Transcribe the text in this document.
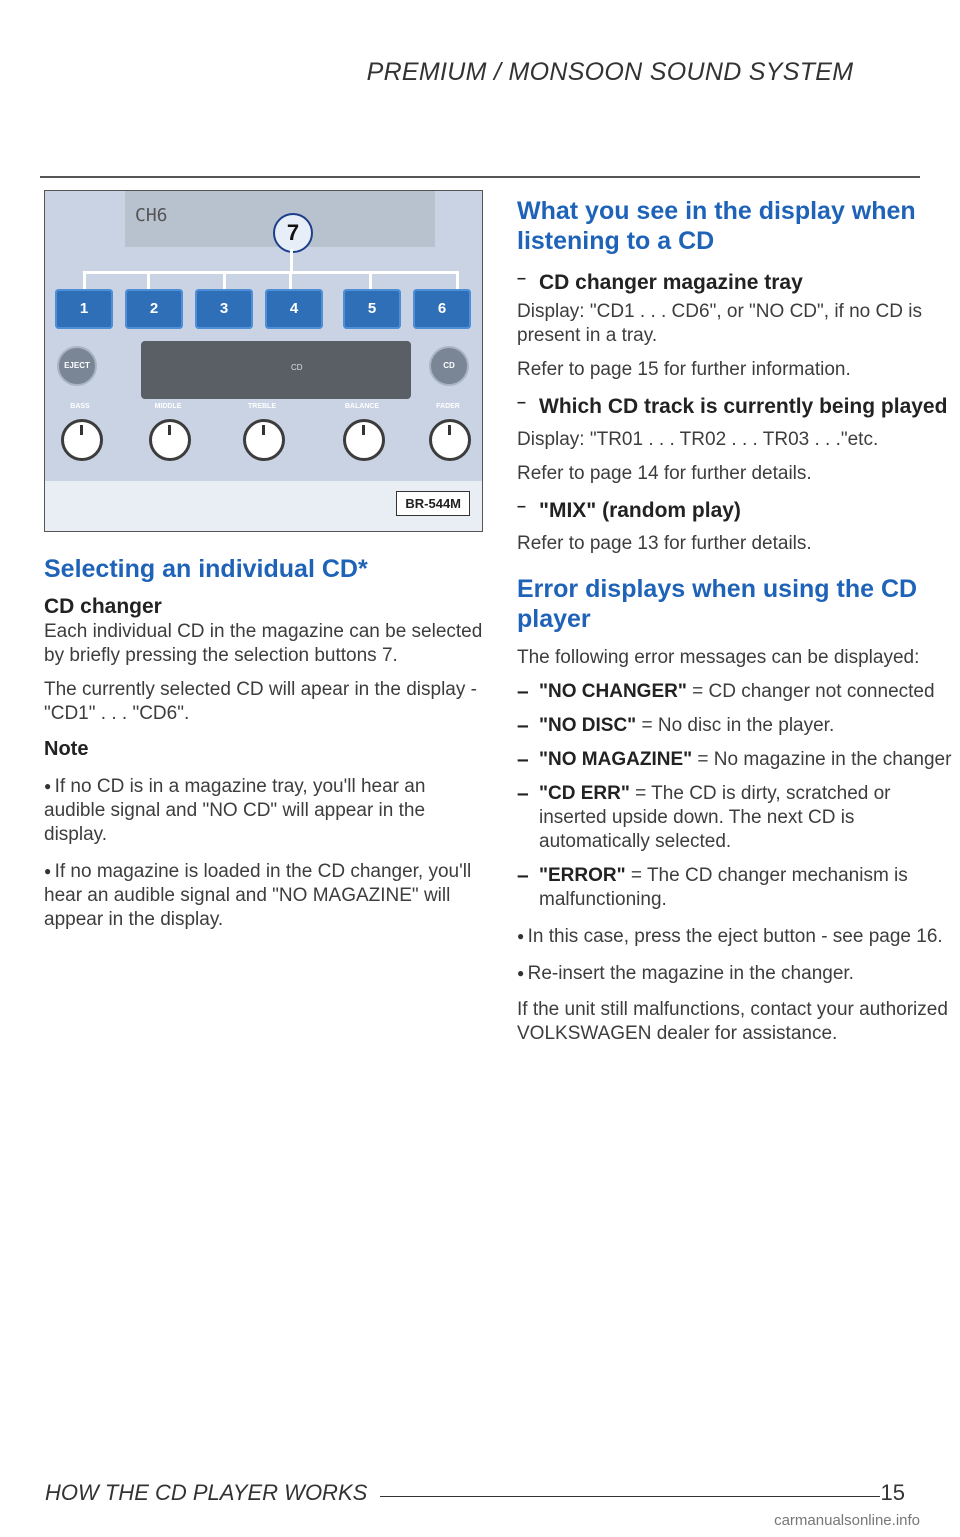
PREMIUM / MONSOON SOUND SYSTEM
CH6
7
1	2	3	4	5	6
CD
EJECT	CD
BASS	MIDDLE	TREBLE	BALANCE	FADER
BR-544M
Selecting an individual CD*
CD changer

Each individual CD in the magazine can be selected by briefly pressing the selection buttons 7.

The currently selected CD will apear in the display - "CD1" . . . "CD6".

Note

● If no CD is in a magazine tray, you'll hear an audible signal and "NO CD" will appear in the display.

● If no magazine is loaded in the CD changer, you'll hear an audible signal and "NO MAGAZINE" will appear in the display.

What you see in the display when listening to a CD
– CD changer magazine tray

Display: "CD1 . . . CD6", or "NO CD", if no CD is present in a tray.

Refer to page 15 for further information.

– Which CD track is currently being played

Display: "TR01 . . . TR02 . . . TR03 . . ."etc.

Refer to page 14 for further details.

– "MIX" (random play)

Refer to page 13 for further details.

Error displays when using the CD player

The following error messages can be displayed:

– "NO CHANGER" = CD changer not connected

– "NO DISC" = No disc in the player.

– "NO MAGAZINE" = No magazine in the changer

– "CD ERR" = The CD is dirty, scratched or inserted upside down. The next CD is automatically selected.

– "ERROR" = The CD changer mechanism is malfunctioning.

● In this case, press the eject button - see page 16.

● Re-insert the magazine in the changer.

If the unit still malfunctions, contact your authorized VOLKSWAGEN dealer for assistance.

HOW THE CD PLAYER WORKS	15
carmanualsonline.info
